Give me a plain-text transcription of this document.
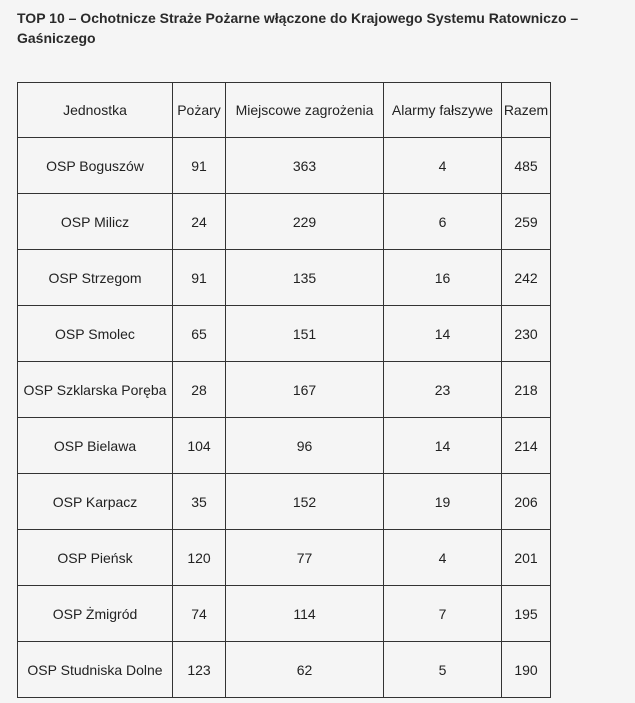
TOP 10 – Ochotnicze Straże Pożarne włączone do Krajowego Systemu Ratowniczo – Gaśniczego
Jednostka	Pożary	Miejscowe zagrożenia	Alarmy fałszywe	Razem
OSP Boguszów	91	363	4	485
OSP Milicz	24	229	6	259
OSP Strzegom	91	135	16	242
OSP Smolec	65	151	14	230
OSP Szklarska Poręba	28	167	23	218
OSP Bielawa	104	96	14	214
OSP Karpacz	35	152	19	206
OSP Pieńsk	120	77	4	201
OSP Żmigród	74	114	7	195
OSP Studniska Dolne	123	62	5	190
